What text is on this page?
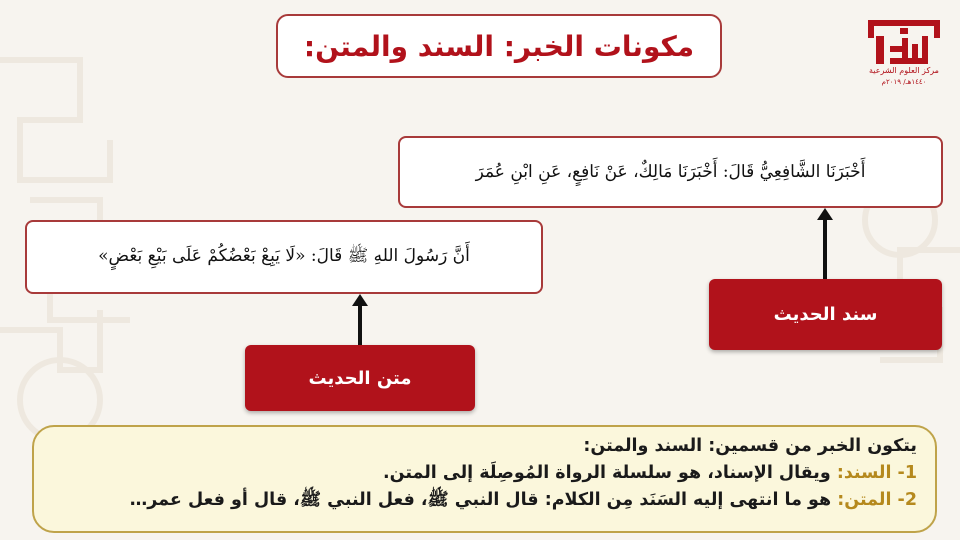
مكونات الخبر: السند والمتن:
مركز العلوم الشرعية
١٤٤٠هـ/ ٢٠١٩م
أَخْبَرَنَا الشَّافِعِيُّ قَالَ: أَخْبَرَنَا مَالِكٌ، عَنْ نَافِعٍ، عَنِ ابْنِ عُمَرَ
أَنَّ رَسُولَ اللهِ ﷺ قَالَ: «لَا يَبِعْ بَعْضُكُمْ عَلَى بَيْعِ بَعْضٍ»
سند الحديث
متن الحديث
يتكون الخبر من قسمين: السند والمتن:
1- السند: ويقال الإسناد، هو سلسلة الرواة المُوصِلَة إلى المتن.
2- المتن: هو ما انتهى إليه السَنَد مِن الكلام: قال النبي ﷺ، فعل النبي ﷺ، قال أو فعل عمر…
